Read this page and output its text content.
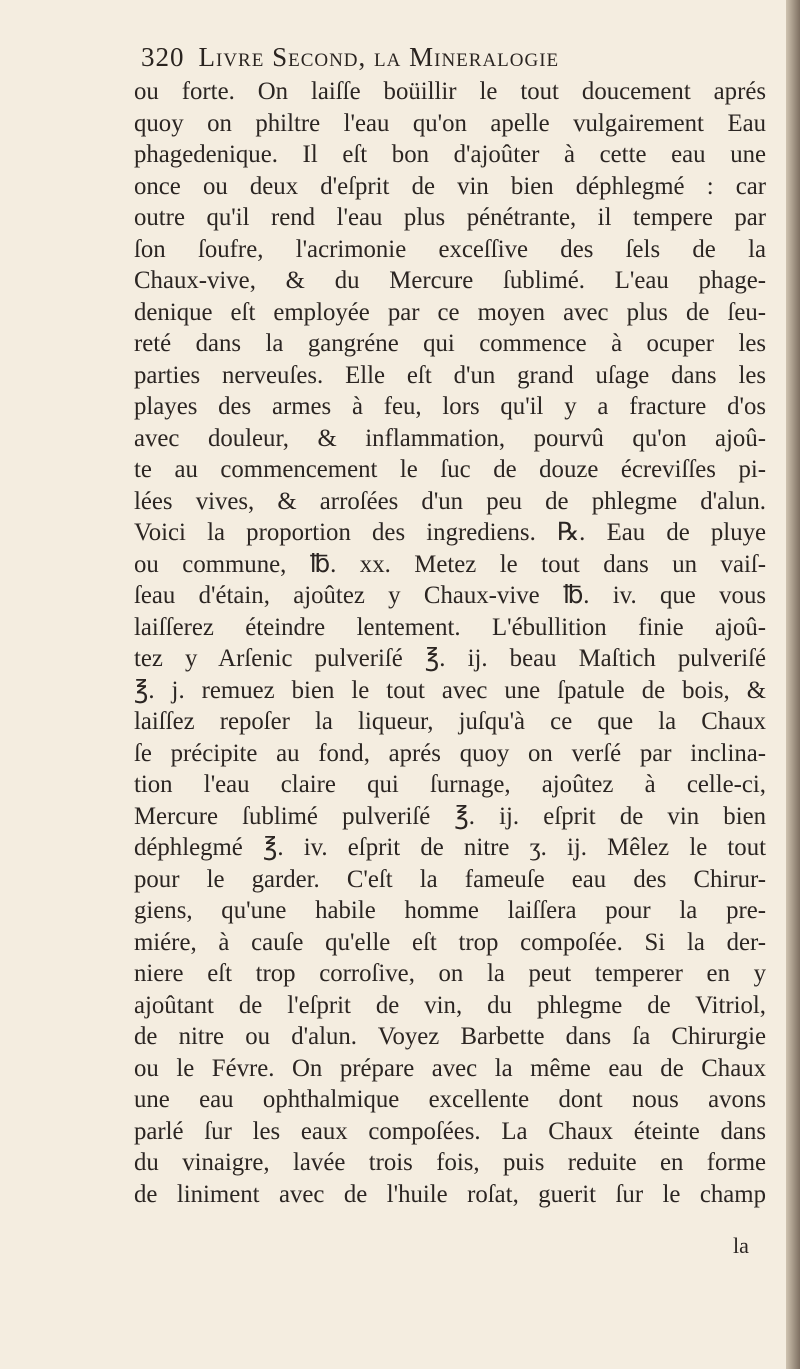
320 Livre Second, la Mineralogie
ou forte. On laiſſe boüillir le tout doucement aprés
quoy on philtre l'eau qu'on apelle vulgairement Eau
phagedenique. Il eſt bon d'ajoûter à cette eau une
once ou deux d'eſprit de vin bien déphlegmé : car
outre qu'il rend l'eau plus pénétrante, il tempere par
ſon ſoufre, l'acrimonie exceſſive des ſels de la
Chaux-vive, & du Mercure ſublimé. L'eau phage-
denique eſt employée par ce moyen avec plus de ſeu-
reté dans la gangréne qui commence à ocuper les
parties nerveuſes. Elle eſt d'un grand uſage dans les
playes des armes à feu, lors qu'il y a fracture d'os
avec douleur, & inflammation, pourvû qu'on ajoû-
te au commencement le ſuc de douze écreviſſes pi-
lées vives, & arroſées d'un peu de phlegme d'alun.
Voici la proportion des ingrediens. ℞. Eau de pluye
ou commune, ℔. xx. Metez le tout dans un vaiſ-
ſeau d'étain, ajoûtez y Chaux-vive ℔. iv. que vous
laiſſerez éteindre lentement. L'ébullition finie ajoû-
tez y Arſenic pulveriſé ℥. ij. beau Maſtich pulveriſé
℥. j. remuez bien le tout avec une ſpatule de bois, &
laiſſez repoſer la liqueur, juſqu'à ce que la Chaux
ſe précipite au fond, aprés quoy on verſé par inclina-
tion l'eau claire qui ſurnage, ajoûtez à celle-ci,
Mercure ſublimé pulveriſé ℥. ij. eſprit de vin bien
déphlegmé ℥. iv. eſprit de nitre ʒ. ij. Mêlez le tout
pour le garder. C'eſt la fameuſe eau des Chirur-
giens, qu'une habile homme laiſſera pour la pre-
miére, à cauſe qu'elle eſt trop compoſée. Si la der-
niere eſt trop corroſive, on la peut temperer en y
ajoûtant de l'eſprit de vin, du phlegme de Vitriol,
de nitre ou d'alun. Voyez Barbette dans ſa Chirurgie
ou le Févre. On prépare avec la même eau de Chaux
une eau ophthalmique excellente dont nous avons
parlé ſur les eaux compoſées. La Chaux éteinte dans
du vinaigre, lavée trois fois, puis reduite en forme
de liniment avec de l'huile roſat, guerit ſur le champ
la
